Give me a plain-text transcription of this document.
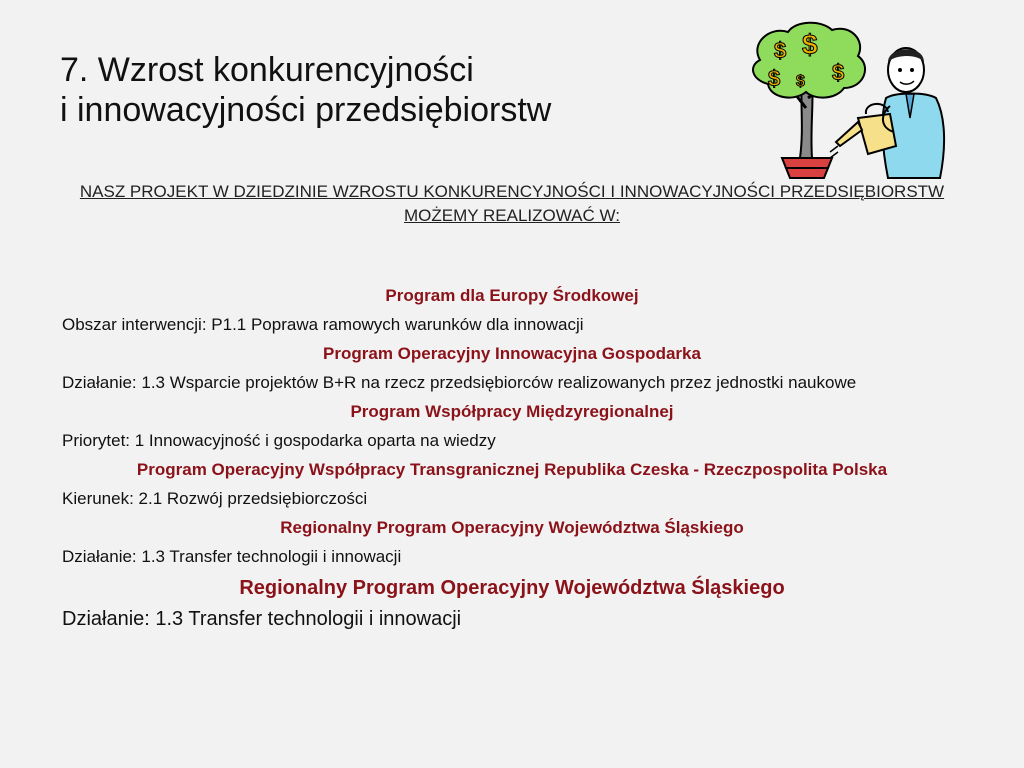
7. Wzrost konkurencyjności
i innowacyjności przedsiębiorstw
$ $
$ $ $
NASZ PROJEKT W DZIEDZINIE WZROSTU KONKURENCYJNOŚCI I INNOWACYJNOŚCI PRZEDSIĘBIORSTW
MOŻEMY REALIZOWAĆ W:

Program dla Europy Środkowej

Obszar interwencji: P1.1 Poprawa ramowych warunków dla innowacji

Program Operacyjny Innowacyjna Gospodarka

Działanie: 1.3 Wsparcie projektów B+R na rzecz przedsiębiorców realizowanych przez jednostki naukowe

Program Współpracy Międzyregionalnej

Priorytet: 1 Innowacyjność i gospodarka oparta na wiedzy

Program Operacyjny Współpracy Transgranicznej Republika Czeska - Rzeczpospolita Polska

Kierunek: 2.1 Rozwój przedsiębiorczości

Regionalny Program Operacyjny Województwa Śląskiego

Działanie: 1.3 Transfer technologii i innowacji

Regionalny Program Operacyjny Województwa Śląskiego

Działanie: 1.3 Transfer technologii i innowacji
